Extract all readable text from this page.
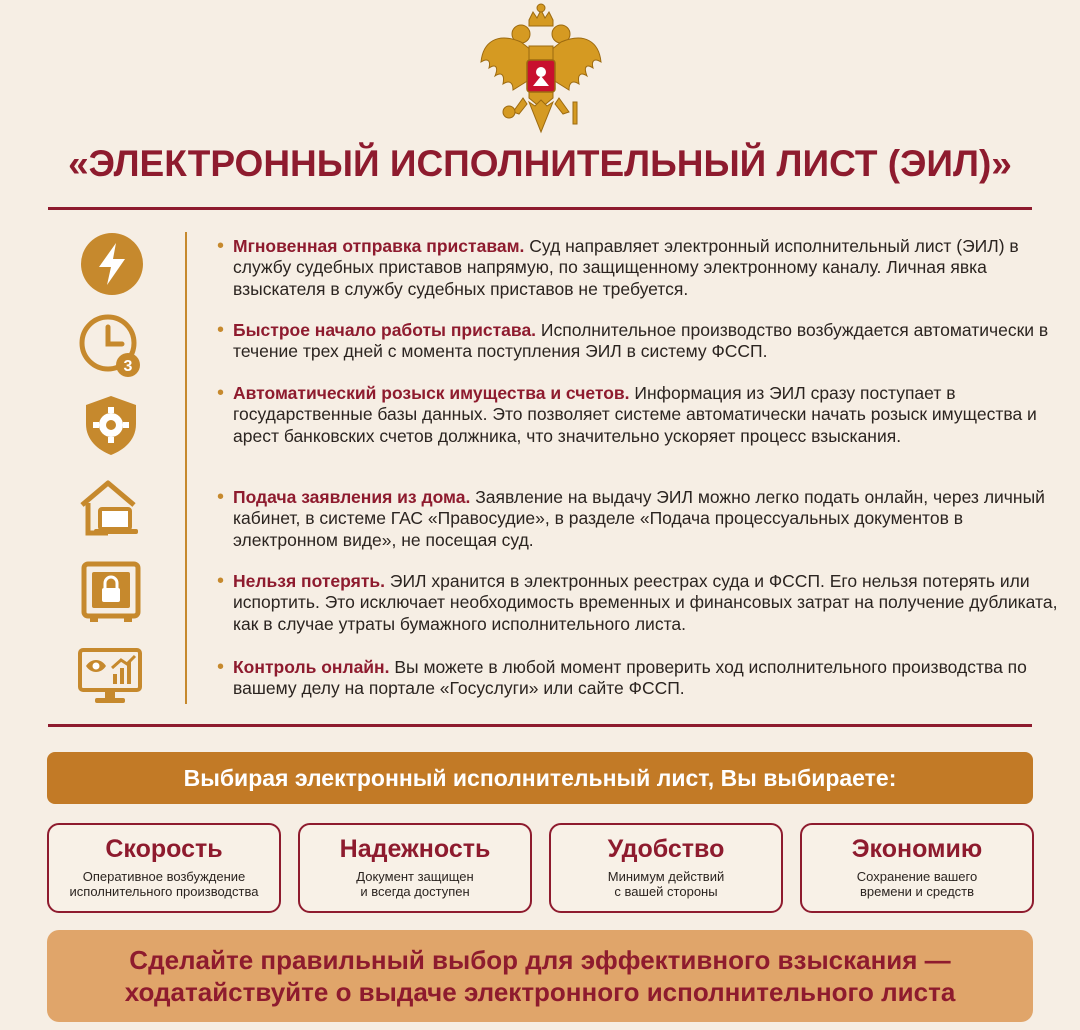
«ЭЛЕКТРОННЫЙ ИСПОЛНИТЕЛЬНЫЙ ЛИСТ (ЭИЛ)»
3
• Мгновенная отправка приставам. Суд направляет электронный исполнительный лист (ЭИЛ) в службу судебных приставов напрямую, по защищенному электронному каналу. Личная явка взыскателя в службу судебных приставов не требуется.
• Быстрое начало работы пристава. Исполнительное производство возбуждается автоматически в течение трех дней с момента поступления ЭИЛ в систему ФССП.
• Автоматический розыск имущества и счетов. Информация из ЭИЛ сразу поступает в государственные базы данных. Это позволяет системе автоматически начать розыск имущества и арест банковских счетов должника, что значительно ускоряет процесс взыскания.
• Подача заявления из дома. Заявление на выдачу ЭИЛ можно легко подать онлайн, через личный кабинет, в системе ГАС «Правосудие», в разделе «Подача процессуальных документов в электронном виде», не посещая суд.
• Нельзя потерять. ЭИЛ хранится в электронных реестрах суда и ФССП. Его нельзя потерять или испортить. Это исключает необходимость временных и финансовых затрат на получение дубликата, как в случае утраты бумажного исполнительного листа.
• Контроль онлайн. Вы можете в любой момент проверить ход исполнительного производства по вашему делу на портале «Госуслуги» или сайте ФССП.
Выбирая электронный исполнительный лист, Вы выбираете:
Скорость
Оперативное возбуждение
исполнительного производства
Надежность
Документ защищен
и всегда доступен
Удобство
Минимум действий
с вашей стороны
Экономию
Сохранение вашего
времени и средств
Сделайте правильный выбор для эффективного взыскания —
ходатайствуйте о выдаче электронного исполнительного листа
